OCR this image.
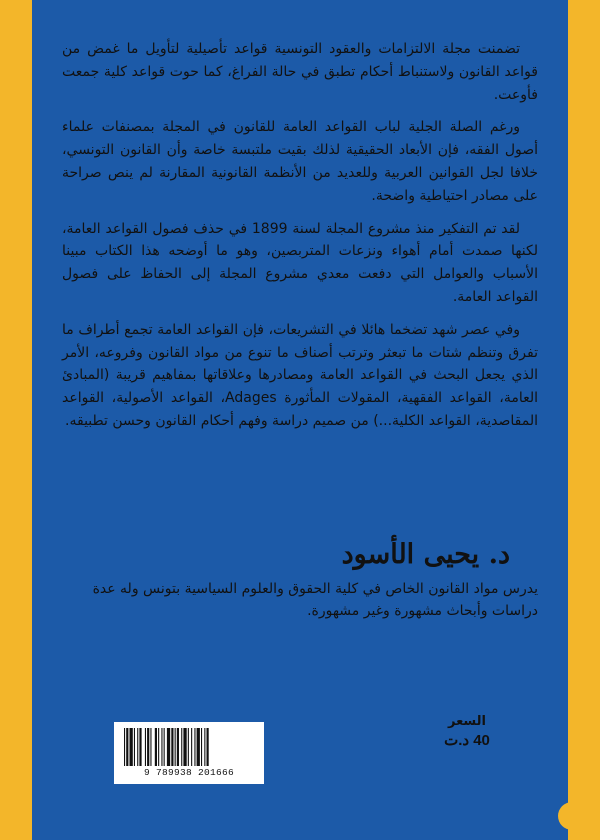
تضمنت مجلة الالتزامات والعقود التونسية قواعد تأصيلية لتأويل ما غمض من قواعد القانون ولاستنباط أحكام تطبق في حالة الفراغ، كما حوت قواعد كلية جمعت فأوعت.

ورغم الصلة الجلية لباب القواعد العامة للقانون في المجلة بمصنفات علماء أصول الفقه، فإن الأبعاد الحقيقية لذلك بقيت ملتبسة خاصة وأن القانون التونسي، خلافا لجل القوانين العربية وللعديد من الأنظمة القانونية المقارنة لم ينص صراحة على مصادر احتياطية واضحة.

لقد تم التفكير منذ مشروع المجلة لسنة 1899 في حذف فصول القواعد العامة، لكنها صمدت أمام أهواء ونزعات المتربصين، وهو ما أوضحه هذا الكتاب مبينا الأسباب والعوامل التي دفعت معدي مشروع المجلة إلى الحفاظ على فصول القواعد العامة.

وفي عصر شهد تضخما هائلا في التشريعات، فإن القواعد العامة تجمع أطراف ما تفرق وتنظم شتات ما تبعثر وترتب أصناف ما تنوع من مواد القانون وفروعه، الأمر الذي يجعل البحث في القواعد العامة ومصادرها وعلاقاتها بمفاهيم قريبة (المبادئ العامة، القواعد الفقهية، المقولات المأثورة Adages، القواعد الأصولية، القواعد المقاصدية، القواعد الكلية...) من صميم دراسة وفهم أحكام القانون وحسن تطبيقه.

د. يحيى الأسود

يدرس مواد القانون الخاص في كلية الحقوق والعلوم السياسية بتونس وله عدة دراسات وأبحاث مشهورة وغير مشهورة.

السعر
40 د.ت
9 789938 201666
